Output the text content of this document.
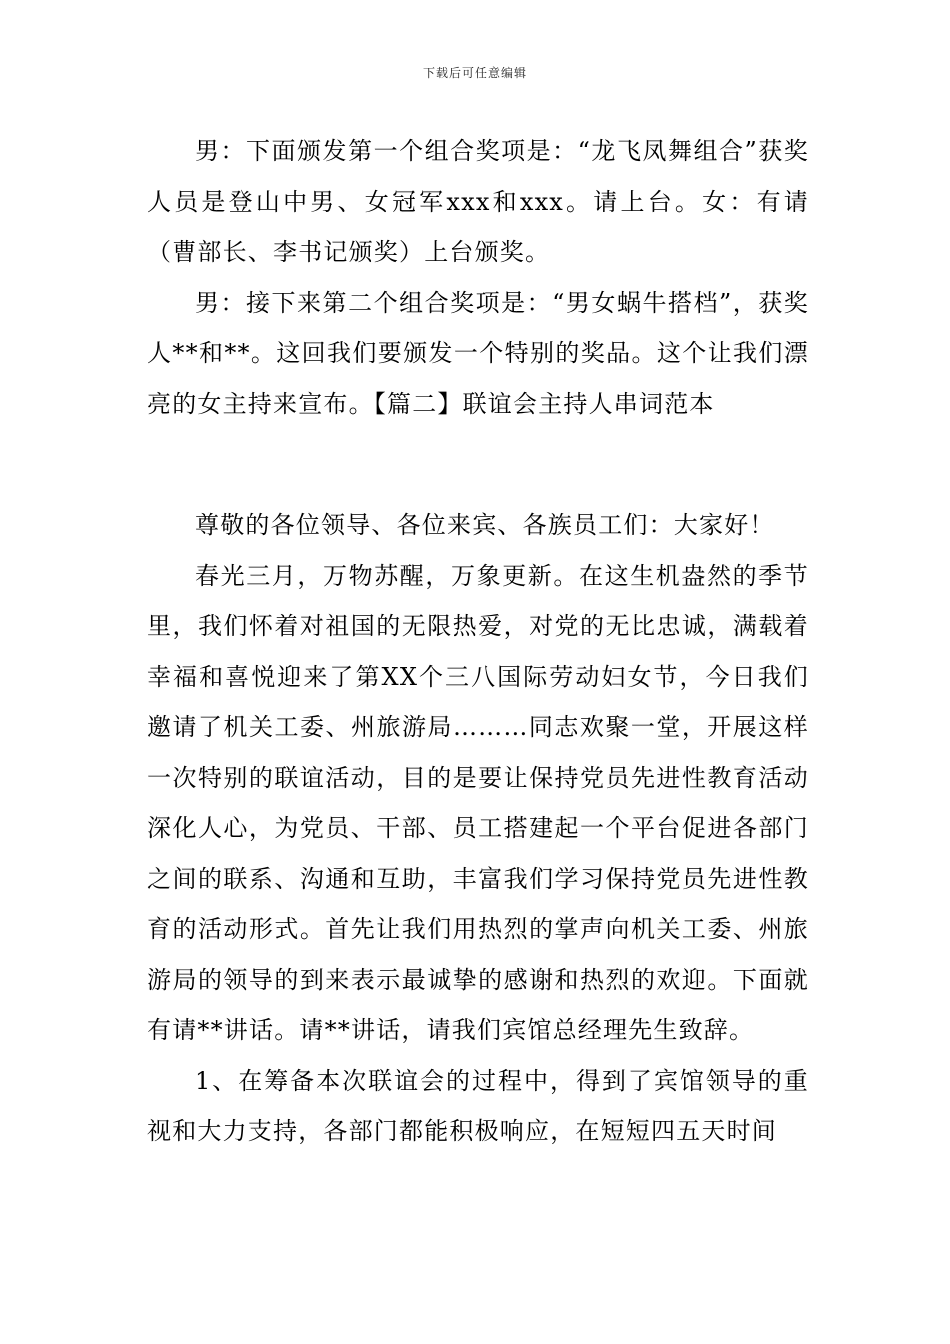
下载后可任意编辑

男：下面颁发第一个组合奖项是：“龙飞凤舞组合”获奖人员是登山中男、女冠军xxx和xxx。请上台。女：有请（曹部长、李书记颁奖）上台颁奖。

男：接下来第二个组合奖项是：“男女蜗牛搭档”，获奖人**和**。这回我们要颁发一个特别的奖品。这个让我们漂亮的女主持来宣布。【篇二】联谊会主持人串词范本

尊敬的各位领导、各位来宾、各族员工们：大家好！

春光三月，万物苏醒，万象更新。在这生机盎然的季节里，我们怀着对祖国的无限热爱，对党的无比忠诚，满载着幸福和喜悦迎来了第XX个三八国际劳动妇女节，今日我们邀请了机关工委、州旅游局………同志欢聚一堂，开展这样一次特别的联谊活动，目的是要让保持党员先进性教育活动深化人心，为党员、干部、员工搭建起一个平台促进各部门之间的联系、沟通和互助，丰富我们学习保持党员先进性教育的活动形式。首先让我们用热烈的掌声向机关工委、州旅游局的领导的到来表示最诚挚的感谢和热烈的欢迎。下面就有请**讲话。请**讲话，请我们宾馆总经理先生致辞。

1、在筹备本次联谊会的过程中，得到了宾馆领导的重视和大力支持，各部门都能积极响应，在短短四五天时间
